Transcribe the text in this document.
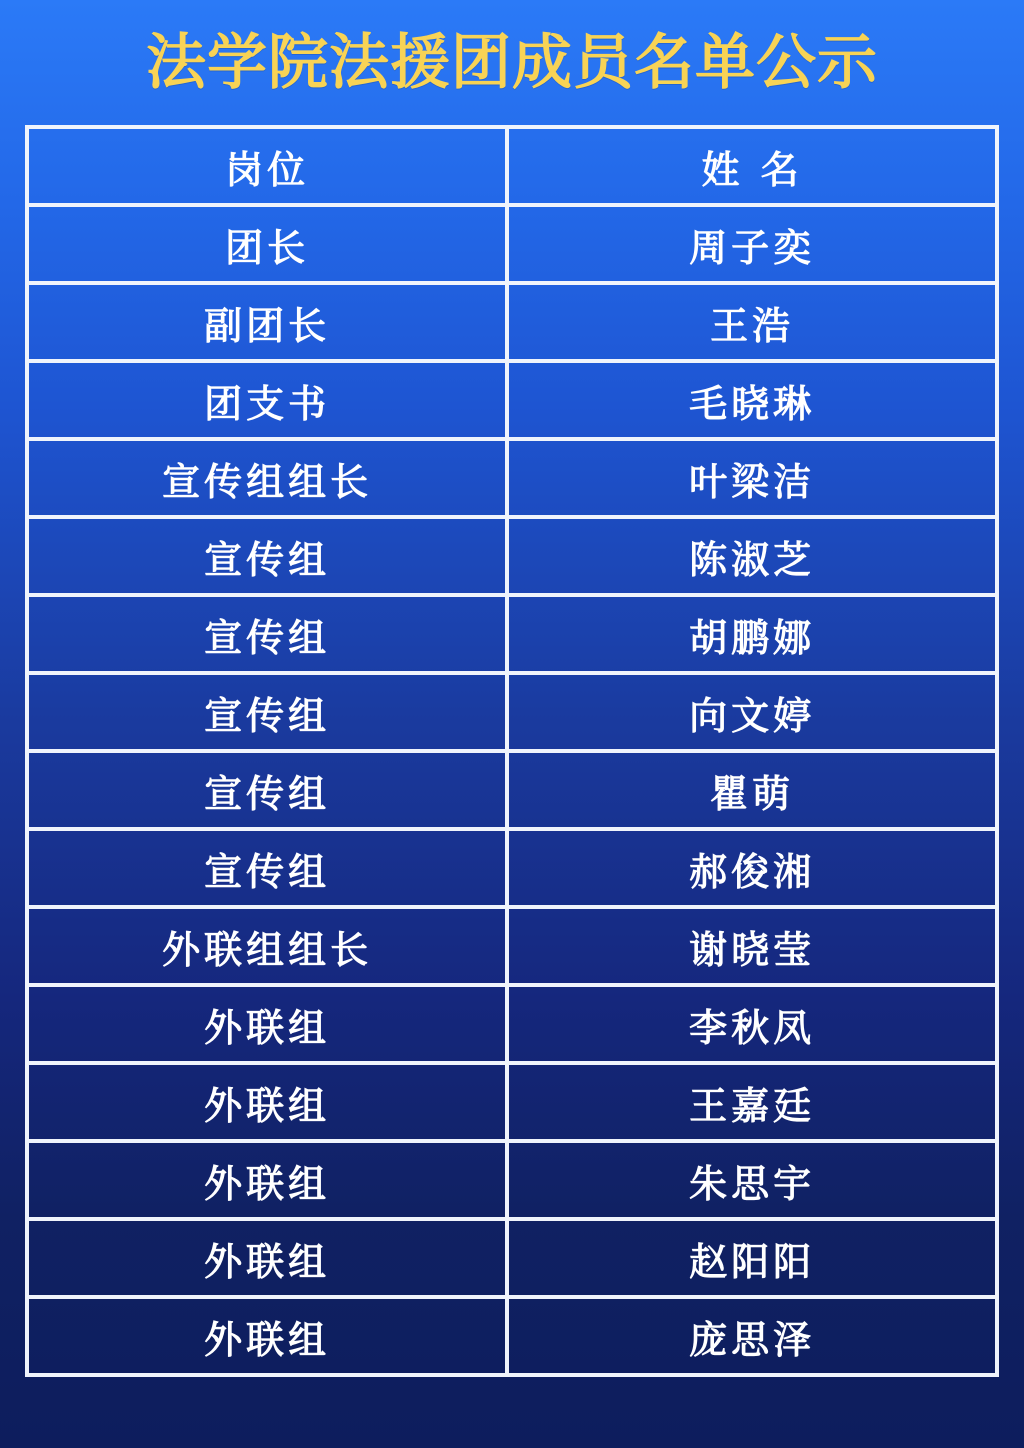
法学院法援团成员名单公示
岗位	姓 名
团长	周子奕
副团长	王浩
团支书	毛晓琳
宣传组组长	叶梁洁
宣传组	陈淑芝
宣传组	胡鹏娜
宣传组	向文婷
宣传组	瞿萌
宣传组	郝俊湘
外联组组长	谢晓莹
外联组	李秋凤
外联组	王嘉廷
外联组	朱思宇
外联组	赵阳阳
外联组	庞思泽
